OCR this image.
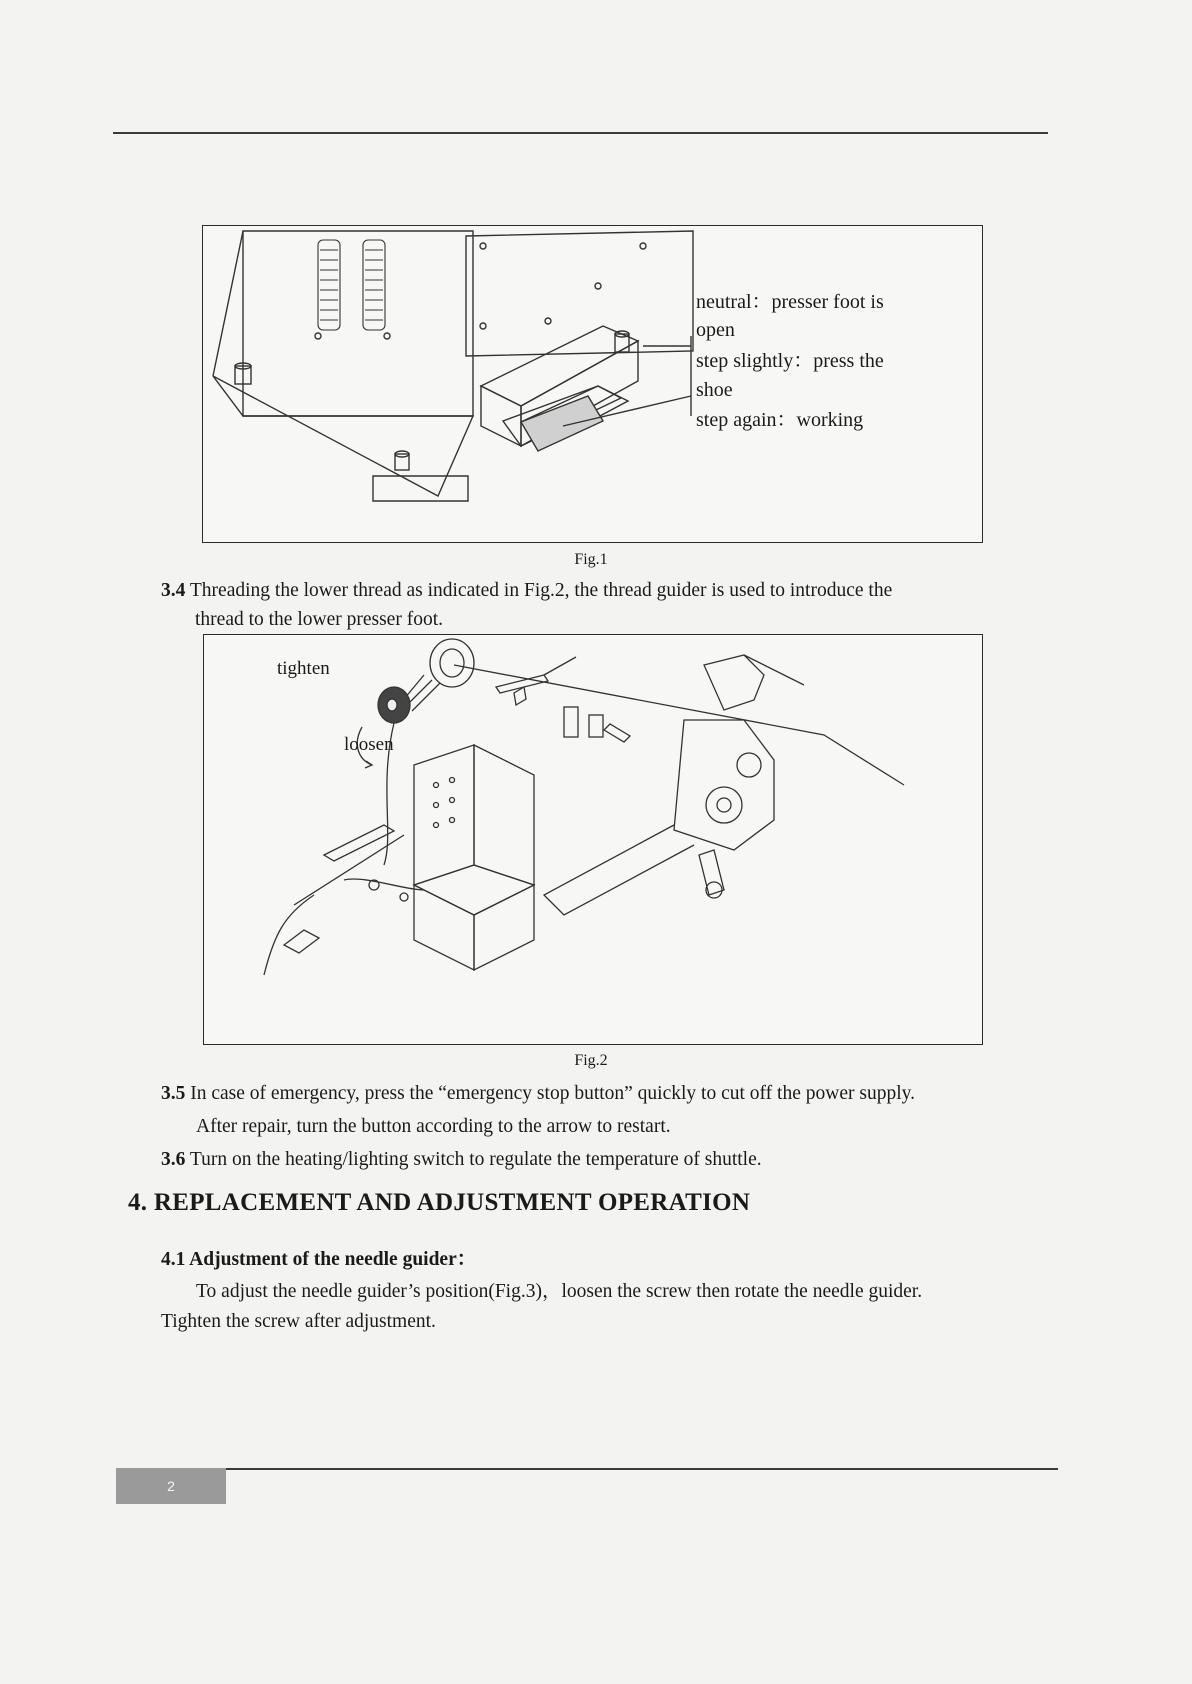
neutral：presser foot is
open
step slightly：press the
shoe
step again：working
Fig.1
3.4 Threading the lower thread as indicated in Fig.2, the thread guider is used to introduce the
thread to the lower presser foot.
tighten
loosen
Fig.2
3.5 In case of emergency, press the “emergency stop button” quickly to cut off the power supply.
After repair, turn the button according to the arrow to restart.
3.6 Turn on the heating/lighting switch to regulate the temperature of shuttle.
4. REPLACEMENT AND ADJUSTMENT OPERATION
4.1 Adjustment of the needle guider：
To adjust the needle guider’s position(Fig.3)，loosen the screw then rotate the needle guider.
Tighten the screw after adjustment.
2
